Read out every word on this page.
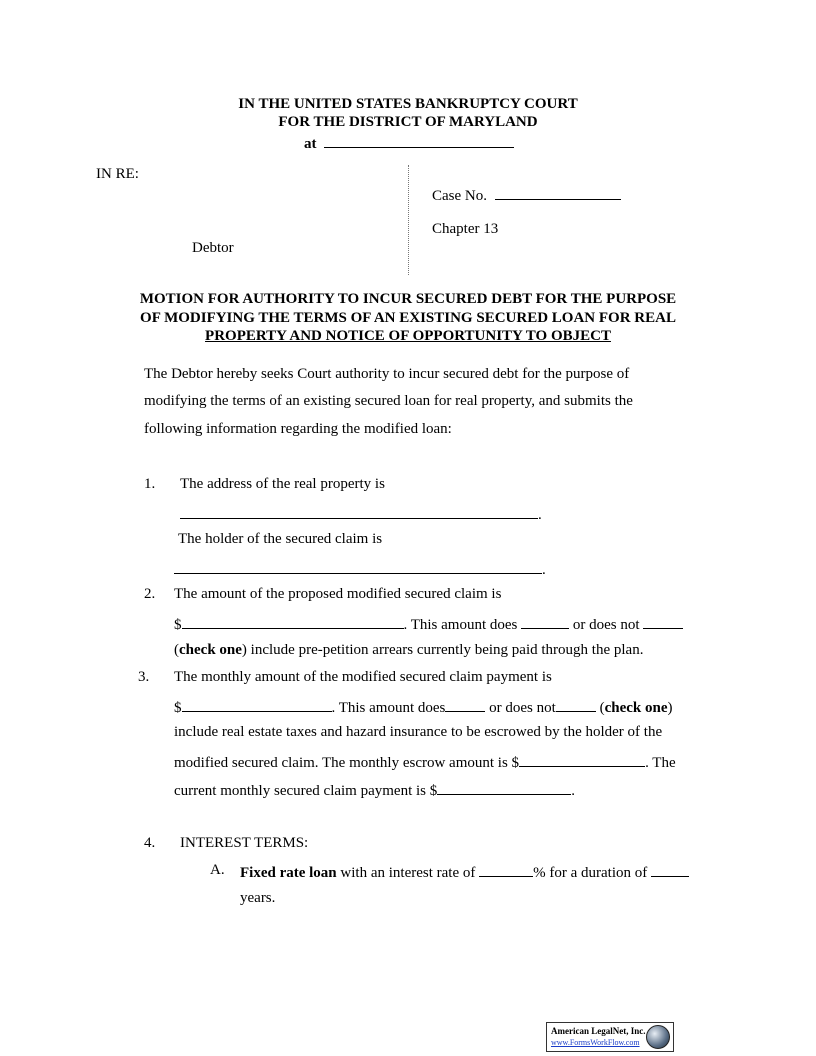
IN THE UNITED STATES BANKRUPTCY COURT
FOR THE DISTRICT OF MARYLAND
at
IN RE:
Debtor
Case No.
Chapter 13
MOTION FOR AUTHORITY TO INCUR SECURED DEBT FOR THE PURPOSE
OF MODIFYING THE TERMS OF AN EXISTING SECURED LOAN FOR REAL
PROPERTY AND NOTICE OF OPPORTUNITY TO OBJECT
The Debtor hereby seeks Court authority to incur secured debt for the purpose of
modifying the terms of an existing secured loan for real property, and submits the
following information regarding the modified loan:
1. The address of the real property is
.
The holder of the secured claim is
.
2. The amount of the proposed modified secured claim is
$	. This amount does	or does not
(check one) include pre-petition arrears currently being paid through the plan.
3. The monthly amount of the modified secured claim payment is
$	. This amount does	or does not	(check one)
include real estate taxes and hazard insurance to be escrowed by the holder of the
modified secured claim. The monthly escrow amount is $	. The
current monthly secured claim payment is $	.
4. INTEREST TERMS:
A. Fixed rate loan with an interest rate of	% for a duration of
years.
American LegalNet, Inc.
www.FormsWorkFlow.com
